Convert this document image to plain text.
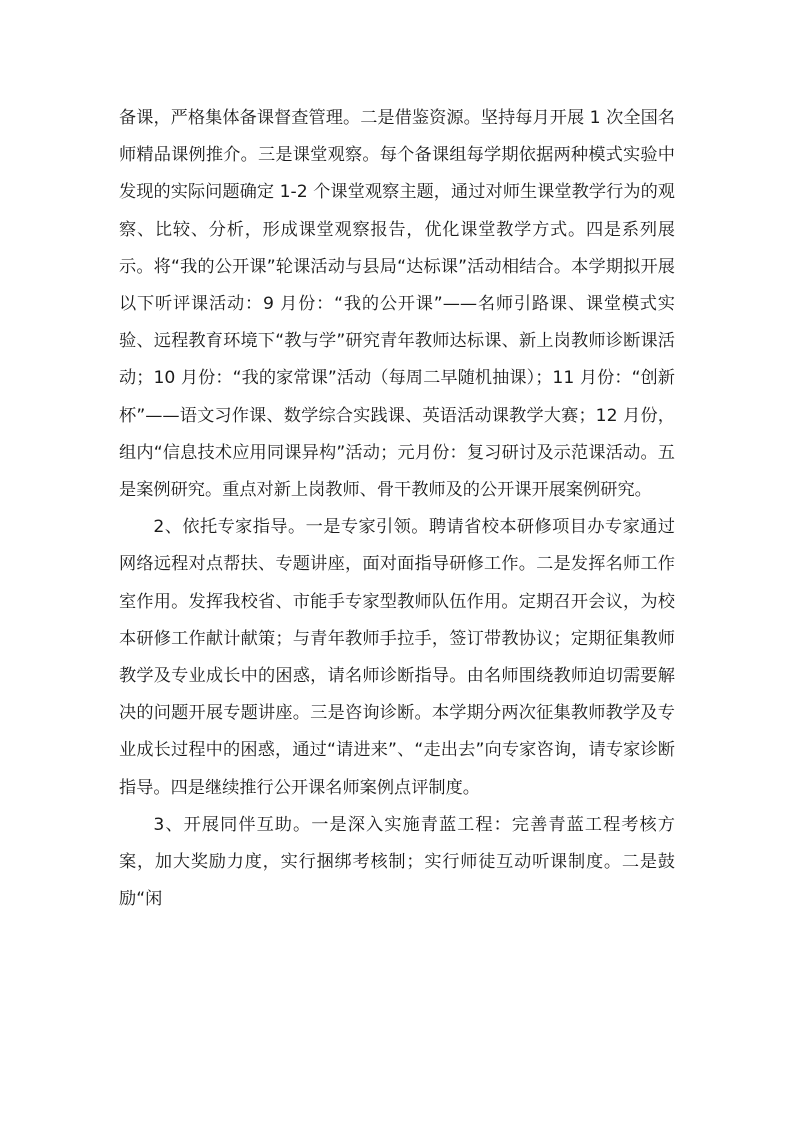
备课，严格集体备课督查管理。二是借鉴资源。坚持每月开展 1 次全国名师精品课例推介。三是课堂观察。每个备课组每学期依据两种模式实验中发现的实际问题确定 1-2 个课堂观察主题，通过对师生课堂教学行为的观察、比较、分析，形成课堂观察报告，优化课堂教学方式。四是系列展示。将“我的公开课”轮课活动与县局“达标课”活动相结合。本学期拟开展以下听评课活动：9 月份：“我的公开课”——名师引路课、课堂模式实验、远程教育环境下“教与学”研究青年教师达标课、新上岗教师诊断课活动；10 月份：“我的家常课”活动（每周二早随机抽课）；11 月份：“创新杯”——语文习作课、数学综合实践课、英语活动课教学大赛；12 月份，组内“信息技术应用同课异构”活动；元月份：复习研讨及示范课活动。五是案例研究。重点对新上岗教师、骨干教师及的公开课开展案例研究。

2、依托专家指导。一是专家引领。聘请省校本研修项目办专家通过网络远程对点帮扶、专题讲座，面对面指导研修工作。二是发挥名师工作室作用。发挥我校省、市能手专家型教师队伍作用。定期召开会议，为校本研修工作献计献策；与青年教师手拉手，签订带教协议；定期征集教师教学及专业成长中的困惑，请名师诊断指导。由名师围绕教师迫切需要解决的问题开展专题讲座。三是咨询诊断。本学期分两次征集教师教学及专业成长过程中的困惑，通过“请进来”、“走出去”向专家咨询，请专家诊断指导。四是继续推行公开课名师案例点评制度。

3、开展同伴互助。一是深入实施青蓝工程：完善青蓝工程考核方案，加大奖励力度，实行捆绑考核制；实行师徒互动听课制度。二是鼓励“闲
